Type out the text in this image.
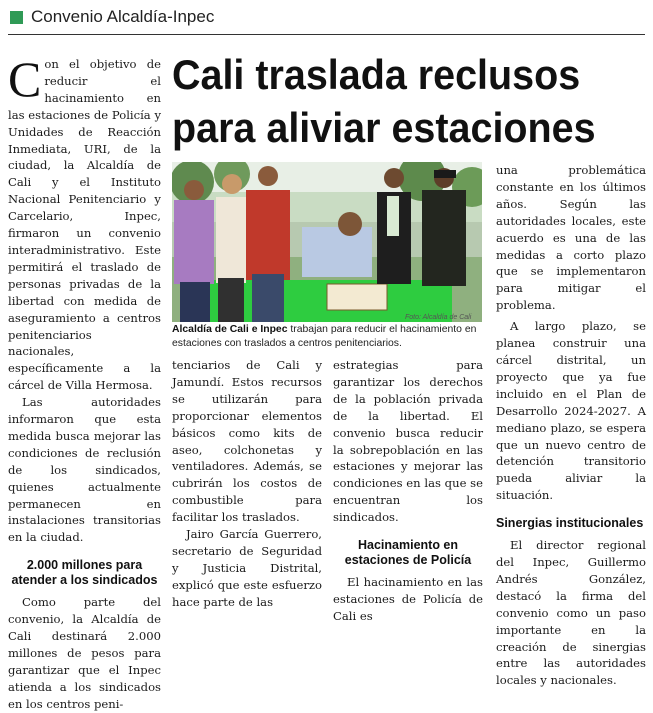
Convenio Alcaldía-Inpec
Cali traslada reclusos
para aliviar estaciones

Con el objetivo de reducir el hacinamiento en las estaciones de Policía y Unidades de Reacción Inmediata, URI, de la ciudad, la Alcaldía de Cali y el Instituto Nacional Penitenciario y Carcelario, Inpec, firmaron un convenio interadministrativo. Este permitirá el traslado de personas privadas de la libertad con medida de aseguramiento a centros penitenciarios nacionales, específicamente a la cárcel de Villa Hermosa.

Las autoridades informaron que esta medida busca mejorar las condiciones de reclusión de los sindicados, quienes actualmente permanecen en instalaciones transitorias en la ciudad.

2.000 millones para atender a los sindicados

Como parte del convenio, la Alcaldía de Cali destinará 2.000 millones de pesos para garantizar que el Inpec atienda a los sindicados en los centros peni-

Foto: Alcaldía de Cali
Alcaldía de Cali e Inpec trabajan para reducir el hacinamiento en estaciones con traslados a centros penitenciarios.

tenciarios de Cali y Jamundí. Estos recursos se utilizarán para proporcionar elementos básicos como kits de aseo, colchonetas y ventiladores. Además, se cubrirán los costos de combustible para facilitar los traslados.

Jairo García Guerrero, secretario de Seguridad y Justicia Distrital, explicó que este esfuerzo hace parte de las

estrategias para garantizar los derechos de la población privada de la libertad. El convenio busca reducir la sobrepoblación en las estaciones y mejorar las condiciones en las que se encuentran los sindicados.

Hacinamiento en estaciones de Policía

El hacinamiento en las estaciones de Policía de Cali es

una problemática constante en los últimos años. Según las autoridades locales, este acuerdo es una de las medidas a corto plazo que se implementaron para mitigar el problema.

A largo plazo, se planea construir una cárcel distrital, un proyecto que ya fue incluido en el Plan de Desarrollo 2024-2027. A mediano plazo, se espera que un nuevo centro de detención transitorio pueda aliviar la situación.

Sinergias institucionales

El director regional del Inpec, Guillermo Andrés González, destacó la firma del convenio como un paso importante en la creación de sinergias entre las autoridades locales y nacionales.
